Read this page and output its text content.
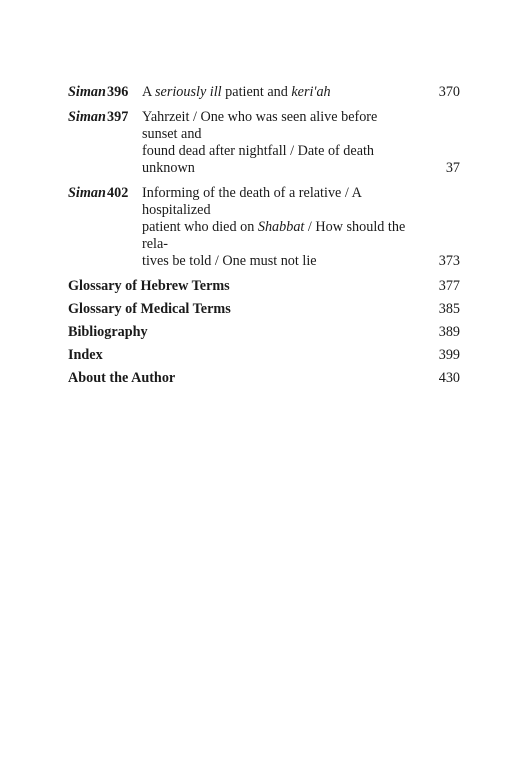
Siman 396 A seriously ill patient and keri'ah	370
Siman 397 Yahrzeit / One who was seen alive before sunset and
found dead after nightfall / Date of death unknown	37
Siman 402 Informing of the death of a relative / A hospitalized
patient who died on Shabbat / How should the rela-
tives be told / One must not lie	373
Glossary of Hebrew Terms	377
Glossary of Medical Terms	385
Bibliography	389
Index	399
About the Author	430
